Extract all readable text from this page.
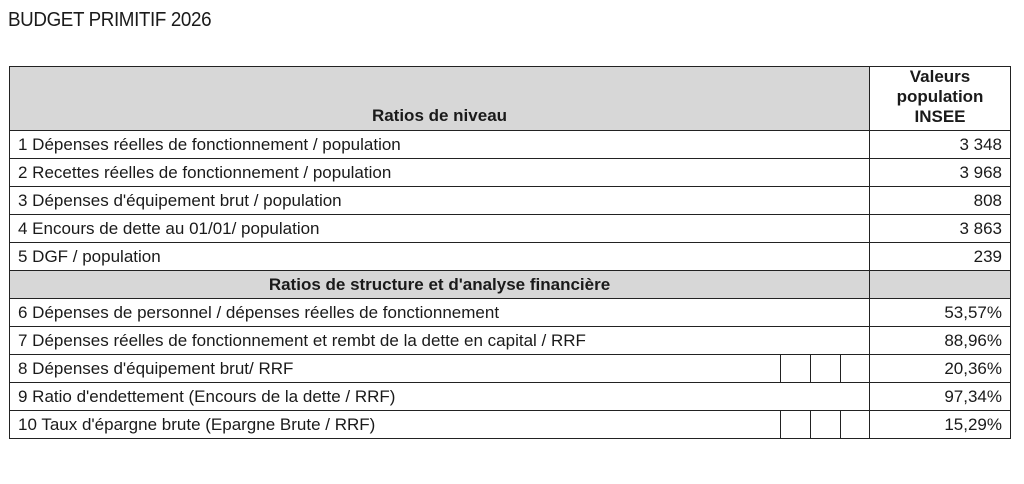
BUDGET PRIMITIF 2026
Ratios de niveau	Valeurs population INSEE
1 Dépenses réelles de fonctionnement / population	3 348
2 Recettes réelles de fonctionnement / population	3 968
3 Dépenses d'équipement brut / population	808
4 Encours de dette au 01/01/ population	3 863
5 DGF / population	239
Ratios de structure et d'analyse financière	
6 Dépenses de personnel / dépenses réelles de fonctionnement	53,57%
7 Dépenses réelles de fonctionnement et rembt de la dette en capital / RRF	88,96%

8 Dépenses d'équipement brut/ RRF	20,36%
9 Ratio d'endettement (Encours de la dette / RRF)	97,34%

10 Taux d'épargne brute (Epargne Brute / RRF)	15,29%
